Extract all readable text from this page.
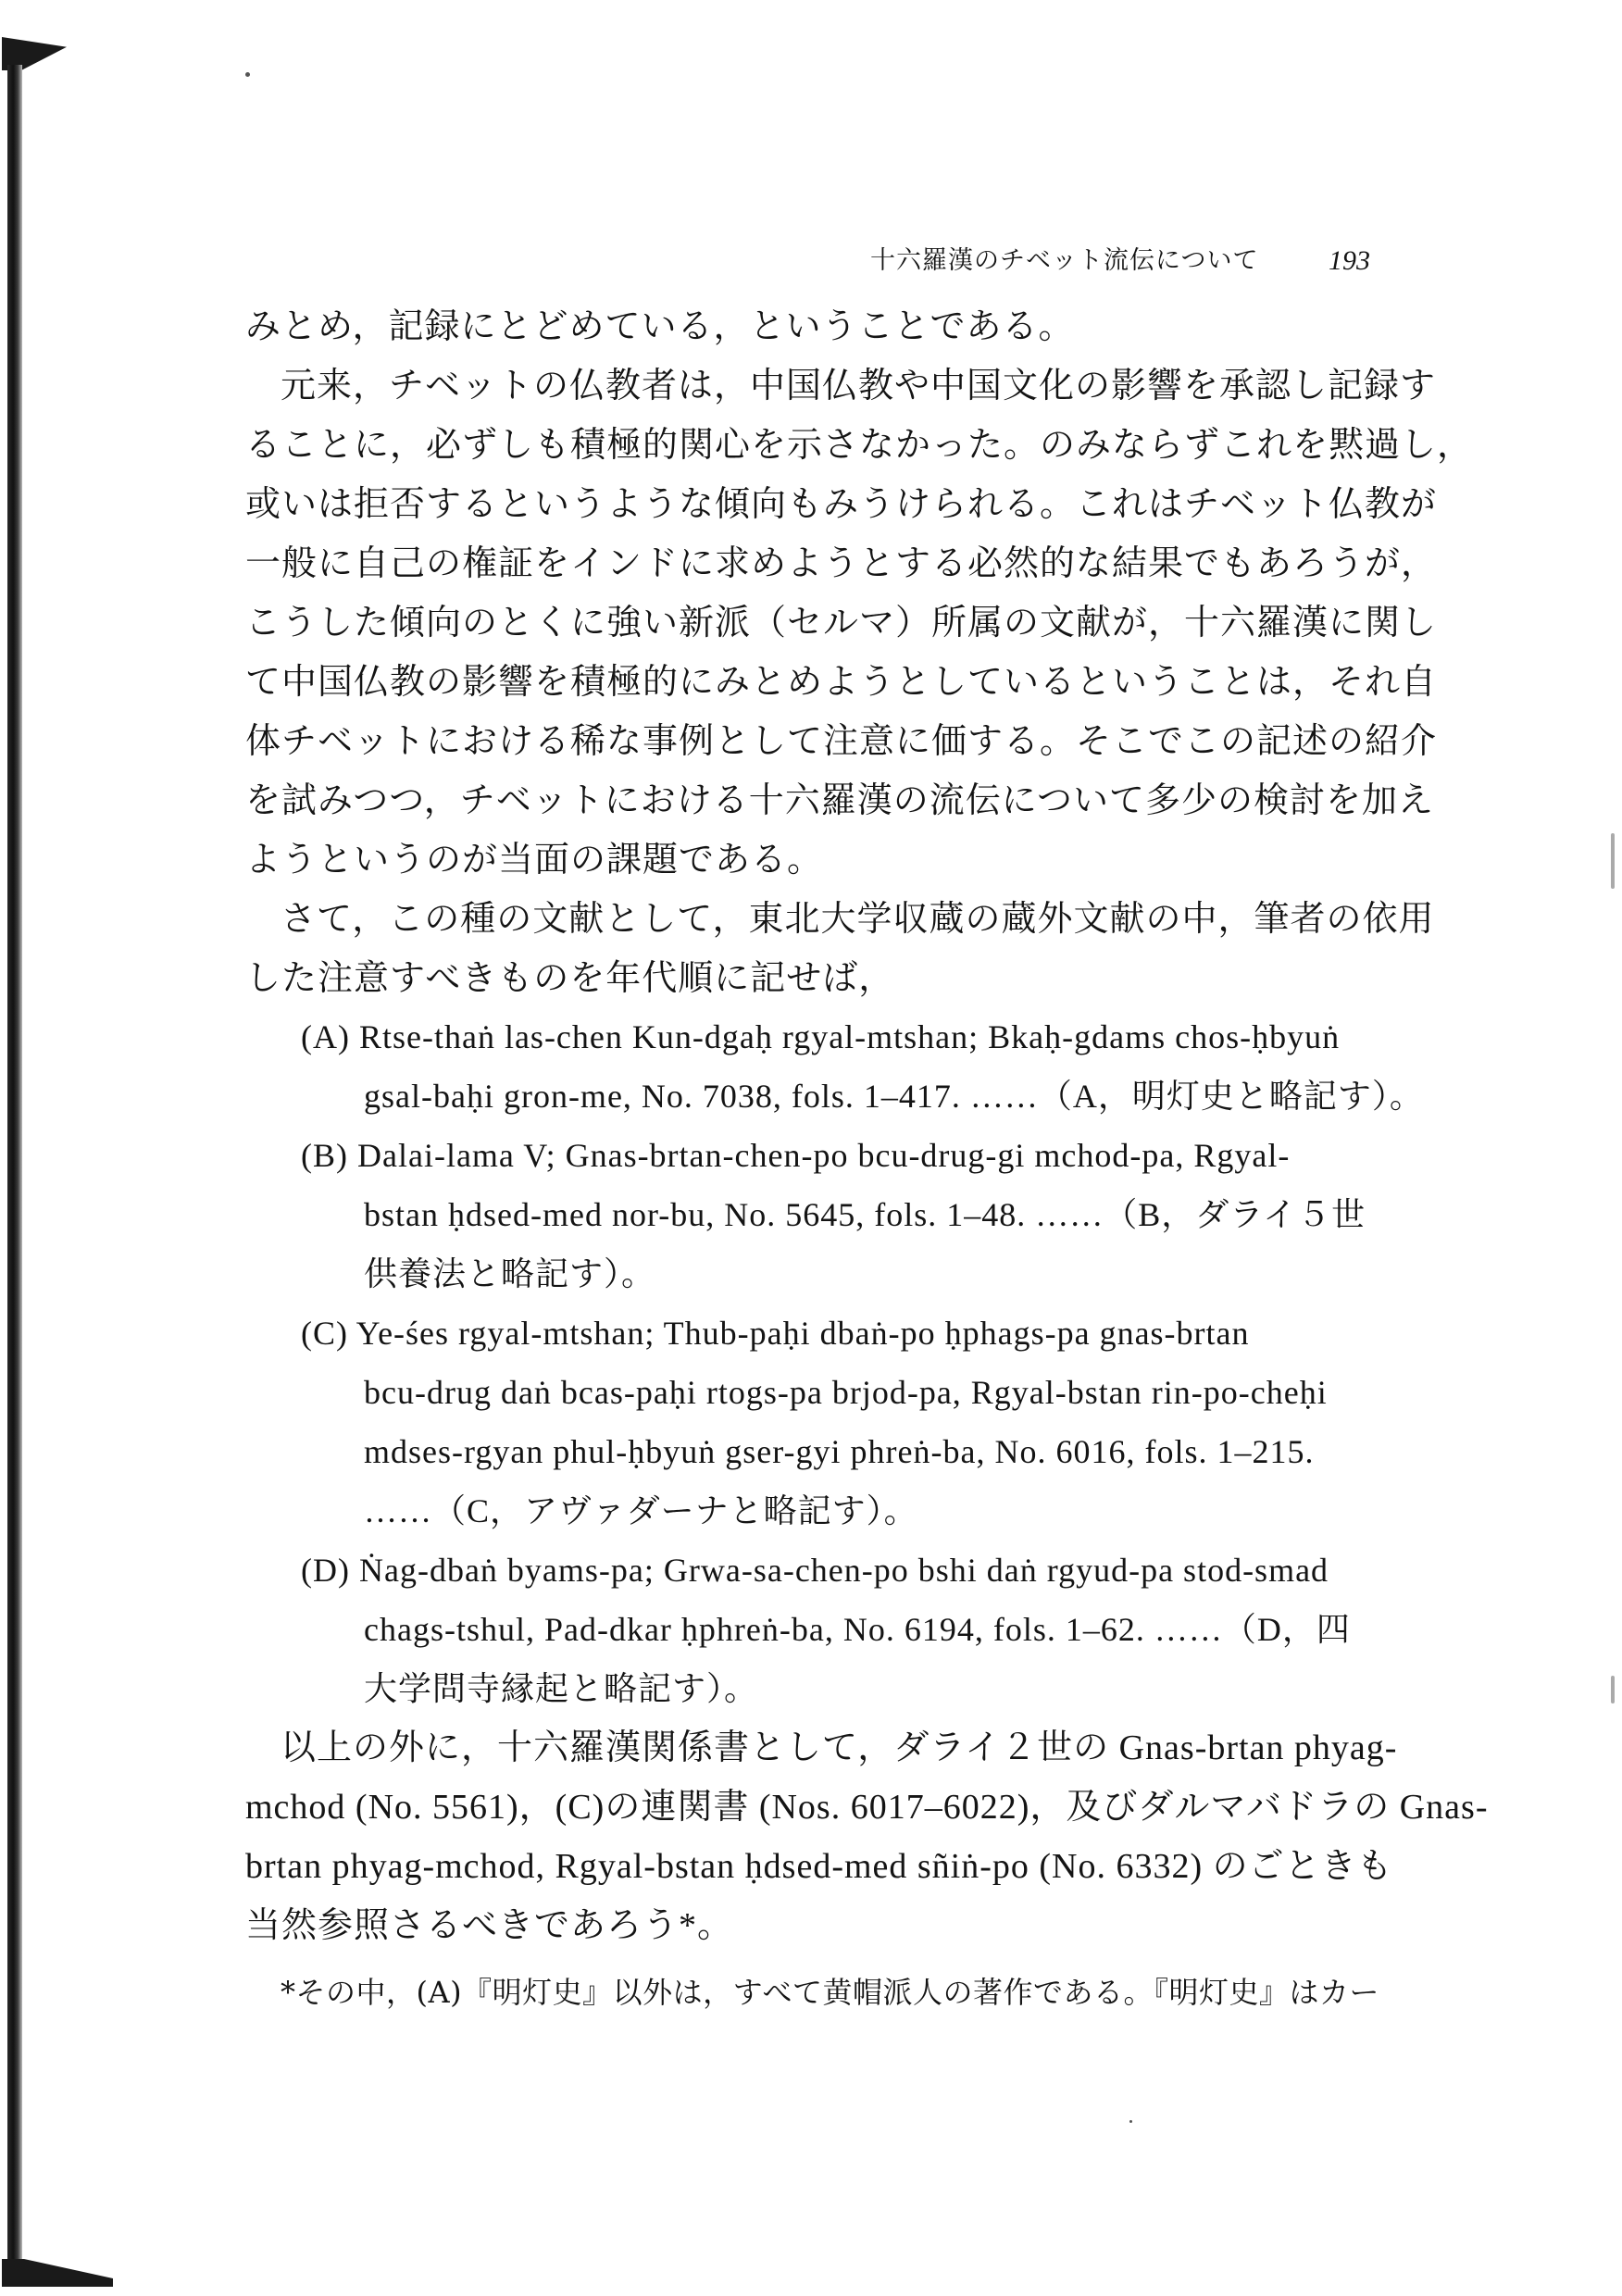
十六羅漢のチベット流伝について	193
みとめ，記録にとどめている，ということである。
元来，チベットの仏教者は，中国仏教や中国文化の影響を承認し記録す
ることに，必ずしも積極的関心を示さなかった。のみならずこれを黙過し，
或いは拒否するというような傾向もみうけられる。これはチベット仏教が
一般に自己の権証をインドに求めようとする必然的な結果でもあろうが，
こうした傾向のとくに強い新派（セルマ）所属の文献が，十六羅漢に関し
て中国仏教の影響を積極的にみとめようとしているということは，それ自
体チベットにおける稀な事例として注意に価する。そこでこの記述の紹介
を試みつつ，チベットにおける十六羅漢の流伝について多少の検討を加え
ようというのが当面の課題である。
さて，この種の文献として，東北大学収蔵の蔵外文献の中，筆者の依用
した注意すべきものを年代順に記せば，
(A) Rtse-thaṅ las-chen Kun-dgaḥ rgyal-mtshan; Bkaḥ-gdams chos-ḥbyuṅ
gsal-baḥi gron-me, No. 7038, fols. 1–417. ……（A，明灯史と略記す）。
(B) Dalai-lama V; Gnas-brtan-chen-po bcu-drug-gi mchod-pa, Rgyal-
bstan ḥdsed-med nor-bu, No. 5645, fols. 1–48. ……（B，ダライ５世
供養法と略記す）。
(C) Ye-śes rgyal-mtshan; Thub-paḥi dbaṅ-po ḥphags-pa gnas-brtan
bcu-drug daṅ bcas-paḥi rtogs-pa brjod-pa, Rgyal-bstan rin-po-cheḥi
mdses-rgyan phul-ḥbyuṅ gser-gyi phreṅ-ba, No. 6016, fols. 1–215.
……（C，アヴァダーナと略記す）。
(D) Ṅag-dbaṅ byams-pa; Grwa-sa-chen-po bshi daṅ rgyud-pa stod-smad
chags-tshul, Pad-dkar ḥphreṅ-ba, No. 6194, fols. 1–62. ……（D，四
大学問寺縁起と略記す）。
以上の外に，十六羅漢関係書として，ダライ２世の Gnas-brtan phyag-
mchod (No. 5561)，(C)の連関書 (Nos. 6017–6022)，及びダルマバドラの Gnas-
brtan phyag-mchod, Rgyal-bstan ḥdsed-med sñiṅ-po (No. 6332) のごときも
当然参照さるべきであろう*。
*その中，(A)『明灯史』以外は，すべて黄帽派人の著作である。『明灯史』はカー
